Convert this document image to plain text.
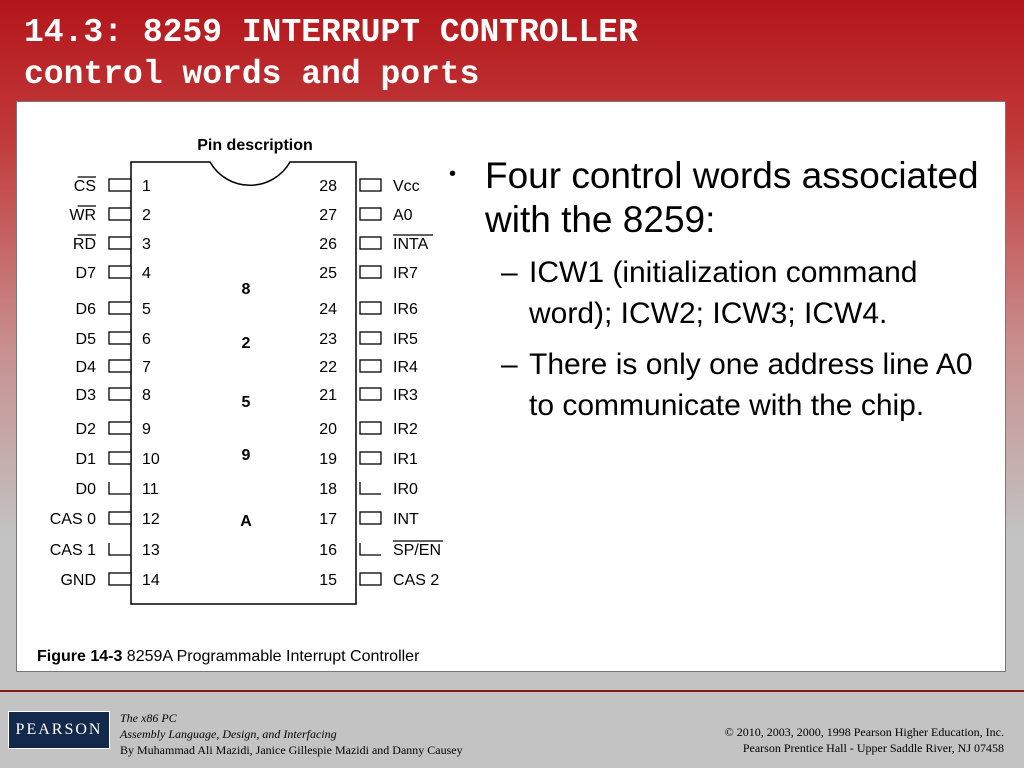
14.3: 8259 INTERRUPT CONTROLLER
control words and ports
Pin description
CS	1
WR	2
RD	3
D7	4
D6	5
D5	6
D4	7
D3	8
D2	9
D1	10
D0	11
CAS 0	12
CAS 1	13
GND	14
28	Vcc
27	A0
26	INTA
25	IR7
24	IR6
23	IR5
22	IR4
21	IR3
20	IR2
19	IR1
18	IR0
17	INT
16	SP/EN
15	CAS 2
8
2
5
9
A
Figure 14-3 8259A Programmable Interrupt Controller
• Four control words associated with the 8259:
– ICW1 (initialization command word); ICW2; ICW3; ICW4.
– There is only one address line A0 to communicate with the chip.
PEARSON
The x86 PC
Assembly Language, Design, and Interfacing
By Muhammad Ali Mazidi, Janice Gillespie Mazidi and Danny Causey
© 2010, 2003, 2000, 1998 Pearson Higher Education, Inc.
Pearson Prentice Hall - Upper Saddle River, NJ 07458
